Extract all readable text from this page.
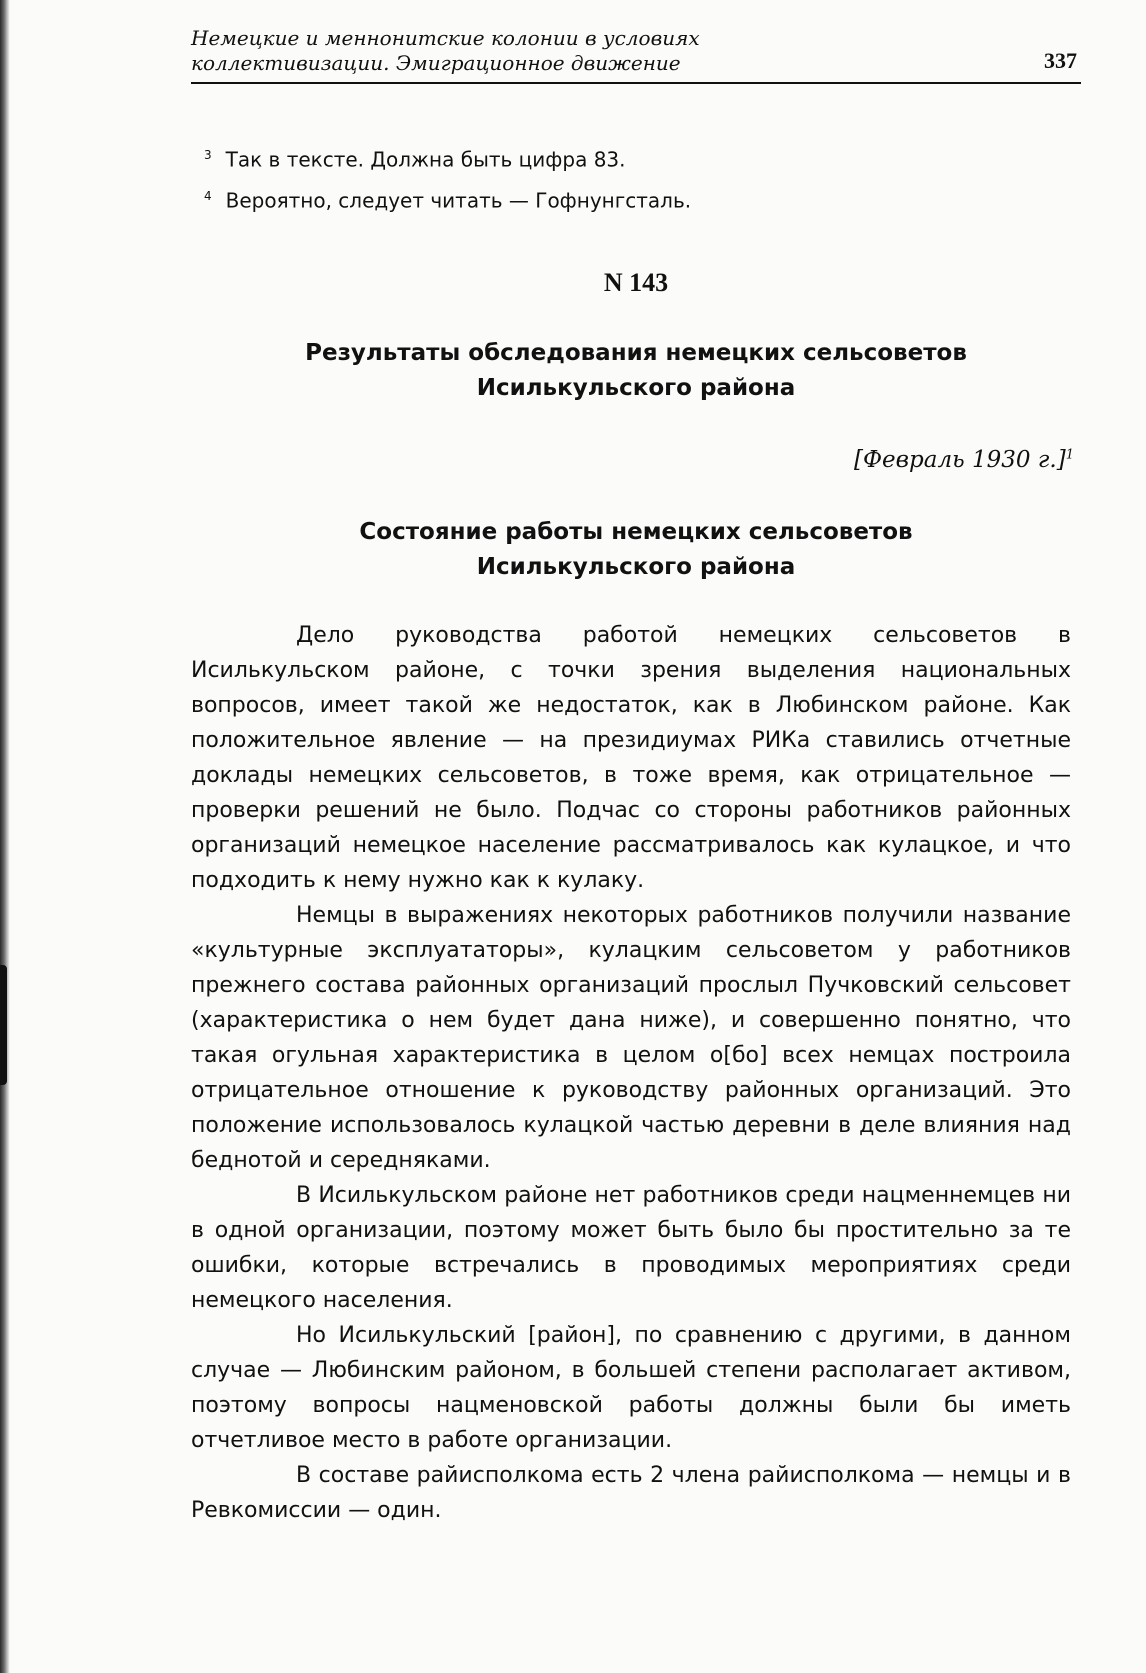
Немецкие и меннонитские колонии в условиях

коллективизации. Эмиграционное движение	337

$^3$ Так в тексте. Должна быть цифра 83.

$^4$ Вероятно, следует читать — Гофнунгсталь.

N 143

Результаты обследования немецких сельсоветов
Исилькульского района

[Февраль 1930 г.]$^1$

Состояние работы немецких сельсоветов
Исилькульского района

Дело руководства работой немецких сельсоветов в Исилькульском районе, с точки зрения выделения национальных вопросов, имеет такой же недостаток, как в Любинском районе. Как положительное явление — на президиумах РИКа ставились отчетные доклады немецких сельсоветов, в тоже время, как отрицательное — проверки решений не было. Подчас со стороны работников районных организаций немецкое население рассматривалось как кулацкое, и что подходить к нему нужно как к кулаку.

Немцы в выражениях некоторых работников получили название «культурные эксплуататоры», кулацким сельсоветом у работников прежнего состава районных организаций прослыл Пучковский сельсовет (характеристика о нем будет дана ниже), и совершенно понятно, что такая огульная характеристика в целом о[бо] всех немцах построила отрицательное отношение к руководству районных организаций. Это положение использовалось кулацкой частью деревни в деле влияния над беднотой и середняками.

В Исилькульском районе нет работников среди нацменнемцев ни в одной организации, поэтому может быть было бы простительно за те ошибки, которые встречались в проводимых мероприятиях среди немецкого населения.

Но Исилькульский [район], по сравнению с другими, в данном случае — Любинским районом, в большей степени располагает активом, поэтому вопросы нацменовской работы должны были бы иметь отчетливое место в работе организации.

В составе райисполкома есть 2 члена райисполкома — немцы и в Ревкомиссии — один.
